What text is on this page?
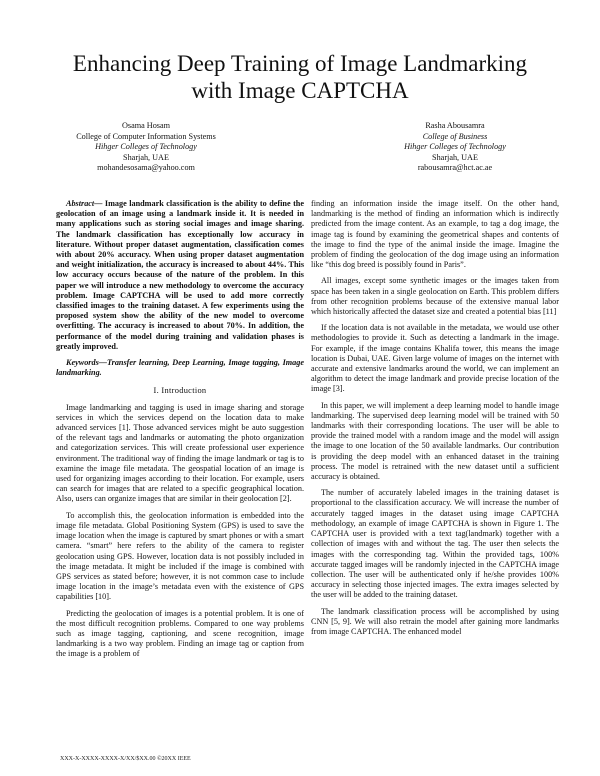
Enhancing Deep Training of Image Landmarking
with Image CAPTCHA
Osama Hosam
College of Computer Information Systems
Hihger Colleges of Technology
Sharjah, UAE
mohandesosama@yahoo.com
Rasha Abousamra
College of Business
Hihger Colleges of Technology
Sharjah, UAE
rabousamra@hct.ac.ae

Abstract— Image landmark classification is the ability to define the geolocation of an image using a landmark inside it. It is needed in many applications such as storing social images and image sharing. The landmark classification has exceptionally low accuracy in literature. Without proper dataset augmentation, classification comes with about 20% accuracy. When using proper dataset augmentation and weight initialization, the accuracy is increased to about 44%. This low accuracy occurs because of the nature of the problem. In this paper we will introduce a new methodology to overcome the accuracy problem. Image CAPTCHA will be used to add more correctly classified images to the training dataset. A few experiments using the proposed system show the ability of the new model to overcome overfitting. The accuracy is increased to about 70%. In addition, the performance of the model during training and validation phases is greatly improved.

Keywords—Transfer learning, Deep Learning, Image tagging, Image landmarking.

I. Introduction

Image landmarking and tagging is used in image sharing and storage services in which the services depend on the location data to make advanced services [1]. Those advanced services might be auto suggestion of the relevant tags and landmarks or automating the photo organization and categorization services. This will create professional user experience environment. The traditional way of finding the image landmark or tag is to examine the image file metadata. The geospatial location of an image is used for organizing images according to their location. For example, users can search for images that are related to a specific geographical location. Also, users can organize images that are similar in their geolocation [2].

To accomplish this, the geolocation information is embedded into the image file metadata. Global Positioning System (GPS) is used to save the image location when the image is captured by smart phones or with a smart camera. “smart” here refers to the ability of the camera to register geolocation using GPS. However, location data is not possibly included in the image metadata. It might be included if the image is combined with GPS services as stated before; however, it is not common case to include image location in the image’s metadata even with the existence of GPS capabilities [10].

Predicting the geolocation of images is a potential problem. It is one of the most difficult recognition problems. Compared to one way problems such as image tagging, captioning, and scene recognition, image landmarking is a two way problem. Finding an image tag or caption from the image is a problem of

finding an information inside the image itself. On the other hand, landmarking is the method of finding an information which is indirectly predicted from the image content. As an example, to tag a dog image, the image tag is found by examining the geometrical shapes and contents of the image to find the type of the animal inside the image. Imagine the problem of finding the geolocation of the dog image using an information like “this dog breed is possibly found in Paris”.

All images, except some synthetic images or the images taken from space has been taken in a single geolocation on Earth. This problem differs from other recognition problems because of the extensive manual labor which historically affected the dataset size and created a potential bias [11]

If the location data is not available in the metadata, we would use other methodologies to provide it. Such as detecting a landmark in the image. For example, if the image contains Khalifa tower, this means the image location is Dubai, UAE. Given large volume of images on the internet with accurate and extensive landmarks around the world, we can implement an algorithm to detect the image landmark and provide precise location of the image [3].

In this paper, we will implement a deep learning model to handle image landmarking. The supervised deep learning model will be trained with 50 landmarks with their corresponding locations. The user will be able to provide the trained model with a random image and the model will assign the image to one location of the 50 available landmarks. Our contribution is providing the deep model with an enhanced dataset in the training process. The model is retrained with the new dataset until a sufficient accuracy is obtained.

The number of accurately labeled images in the training dataset is proportional to the classification accuracy. We will increase the number of accurately tagged images in the dataset using image CAPTCHA methodology, an example of image CAPTCHA is shown in Figure 1. The CAPTCHA user is provided with a text tag(landmark) together with a collection of images with and without the tag. The user then selects the images with the corresponding tag. Within the provided tags, 100% accurate tagged images will be randomly injected in the CAPTCHA image collection. The user will be authenticated only if he/she provides 100% accuracy in selecting those injected images. The extra images selected by the user will be added to the training dataset.

The landmark classification process will be accomplished by using CNN [5, 9]. We will also retrain the model after gaining more landmarks from image CAPTCHA. The enhanced model

XXX-X-XXXX-XXXX-X/XX/$XX.00 ©20XX IEEE
